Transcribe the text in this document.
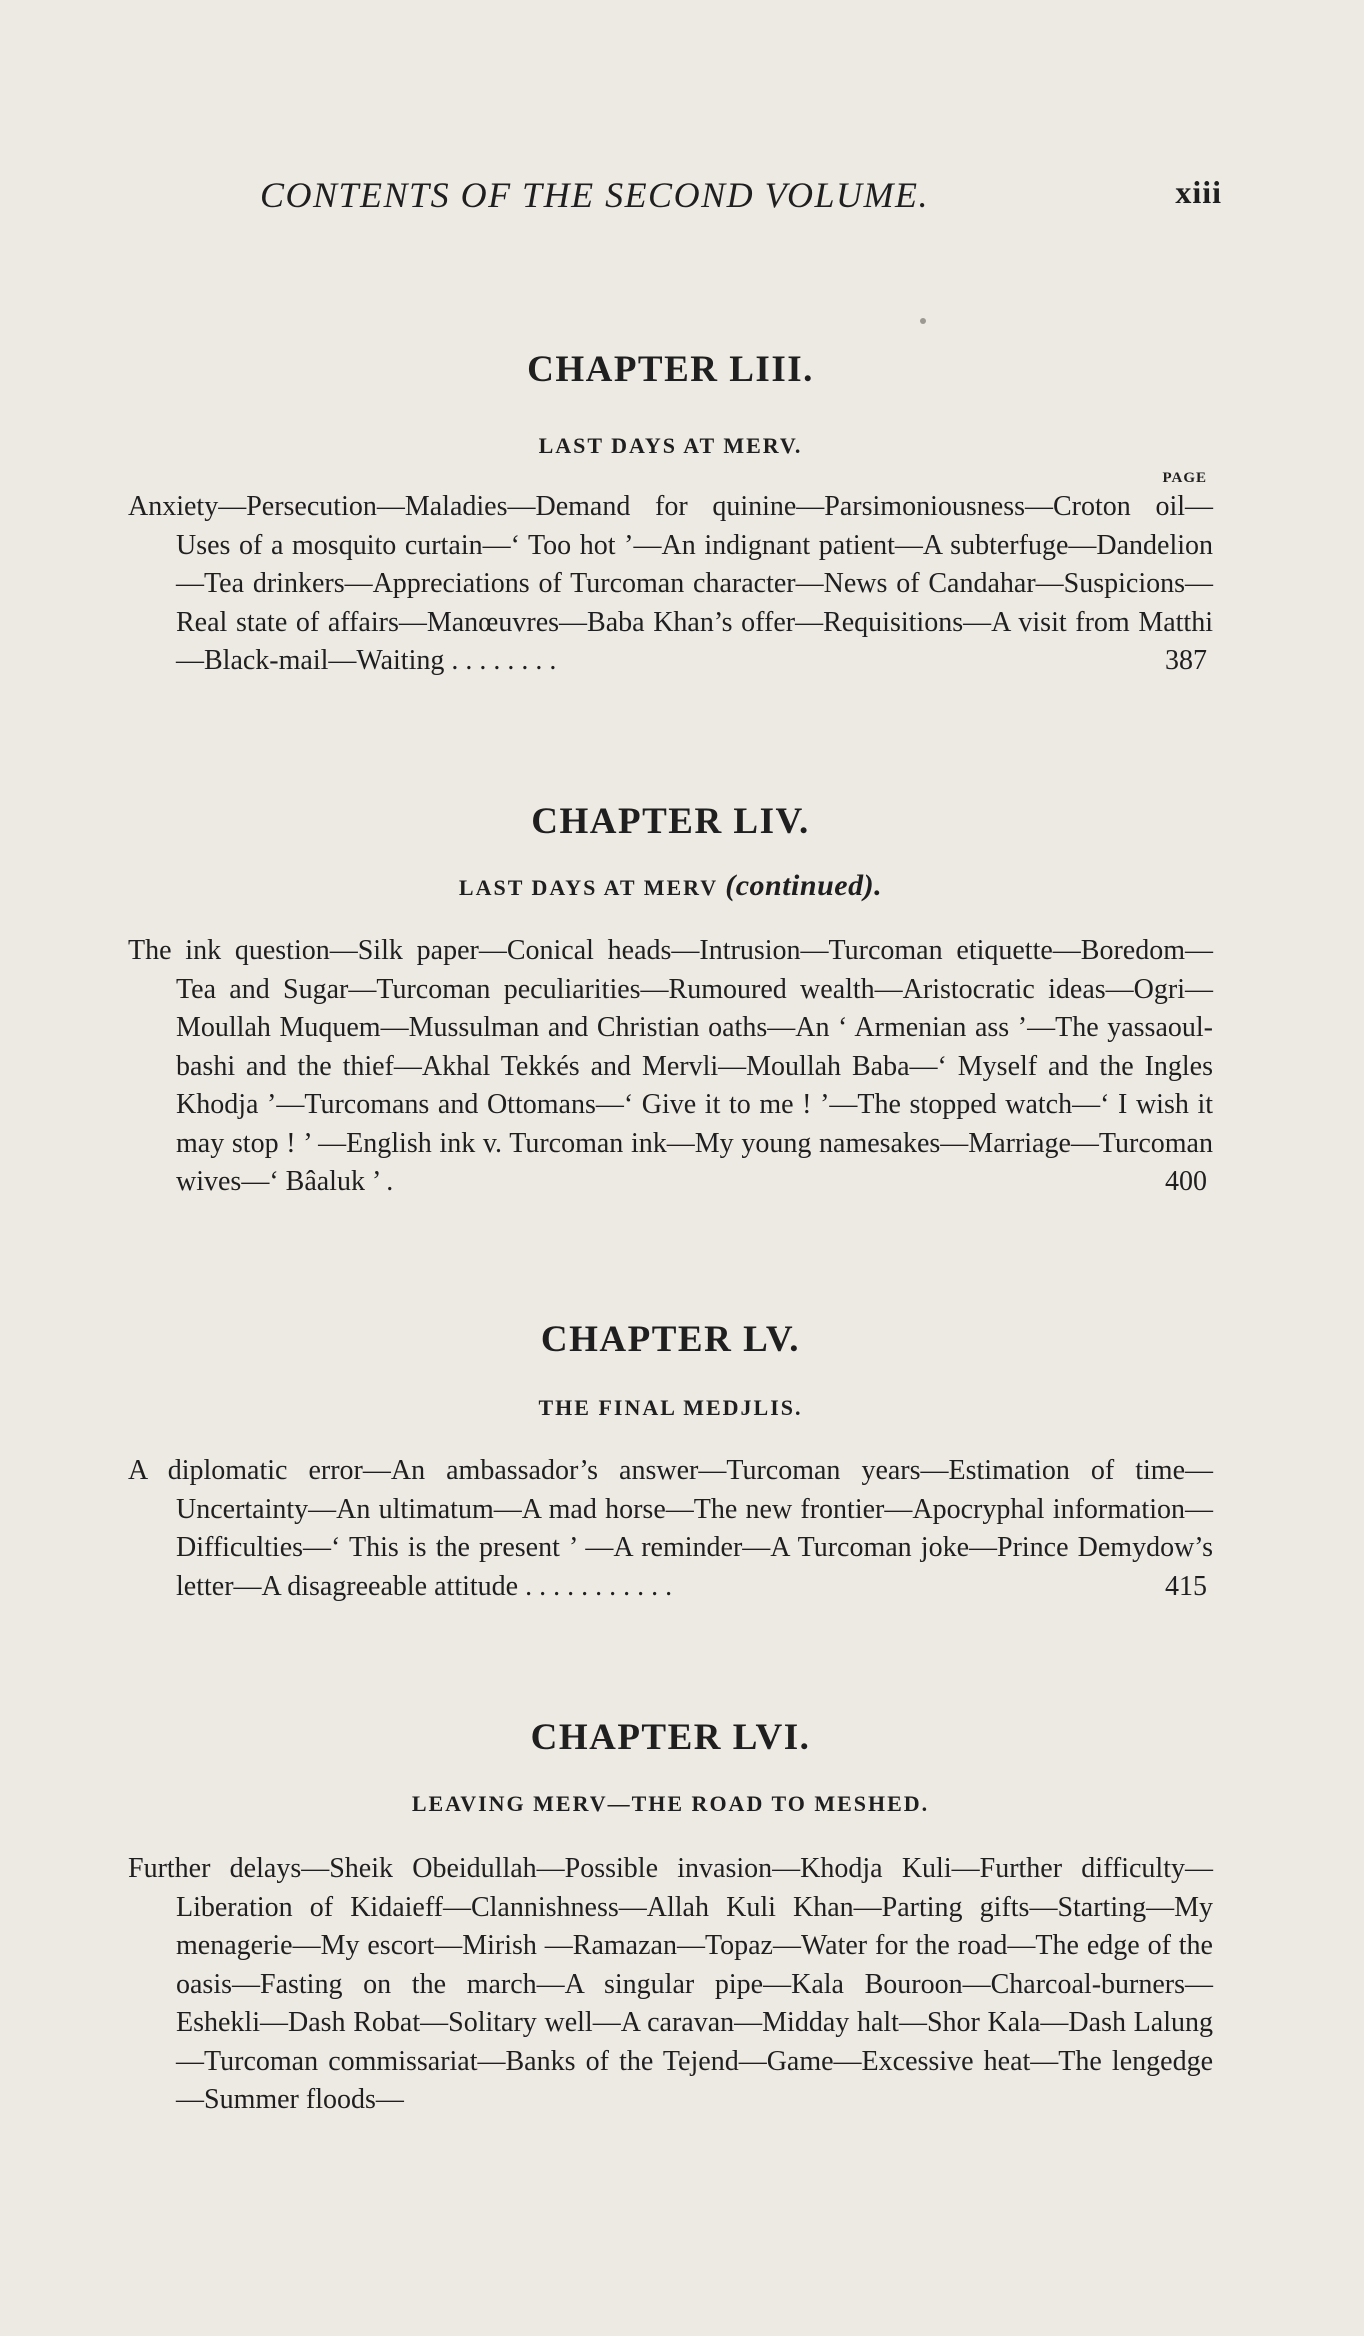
CONTENTS OF THE SECOND VOLUME.	xiii
CHAPTER LIII.

LAST DAYS AT MERV.

PAGE

Anxiety—Persecution—Maladies—Demand for quinine—Parsimoniousness—Croton oil—Uses of a mosquito curtain—‘ Too hot ’—An indignant patient—A subterfuge—Dandelion—Tea drinkers—Appreciations of Turcoman character—News of Candahar—Suspicions—Real state of affairs—Manœuvres—Baba Khan’s offer—Requisitions—A visit from Matthi—Black-mail—Waiting . . . . . . . .	387

CHAPTER LIV.

LAST DAYS AT MERV (continued).

The ink question—Silk paper—Conical heads—Intrusion—Turcoman etiquette—Boredom—Tea and Sugar—Turcoman peculiarities—Rumoured wealth—Aristocratic ideas—Ogri—Moullah Muquem—Mussulman and Christian oaths—An ‘ Armenian ass ’—The yassaoul-bashi and the thief—Akhal Tekkés and Mervli—Moullah Baba—‘ Myself and the Ingles Khodja ’—Turcomans and Ottomans—‘ Give it to me ! ’—The stopped watch—‘ I wish it may stop ! ’ —English ink v. Turcoman ink—My young namesakes—Marriage—Turcoman wives—‘ Bâaluk ’ .	400

CHAPTER LV.

THE FINAL MEDJLIS.

A diplomatic error—An ambassador’s answer—Turcoman years—Estimation of time—Uncertainty—An ultimatum—A mad horse—The new frontier—Apocryphal information—Difficulties—‘ This is the present ’ —A reminder—A Turcoman joke—Prince Demydow’s letter—A disagreeable attitude . . . . . . . . . . .	415

CHAPTER LVI.

LEAVING MERV—THE ROAD TO MESHED.

Further delays—Sheik Obeidullah—Possible invasion—Khodja Kuli—Further difficulty—Liberation of Kidaieff—Clannishness—Allah Kuli Khan—Parting gifts—Starting—My menagerie—My escort—Mirish —Ramazan—Topaz—Water for the road—The edge of the oasis—Fasting on the march—A singular pipe—Kala Bouroon—Charcoal-burners—Eshekli—Dash Robat—Solitary well—A caravan—Midday halt—Shor Kala—Dash Lalung—Turcoman commissariat—Banks of the Tejend—Game—Excessive heat—The lengedge—Summer floods—
